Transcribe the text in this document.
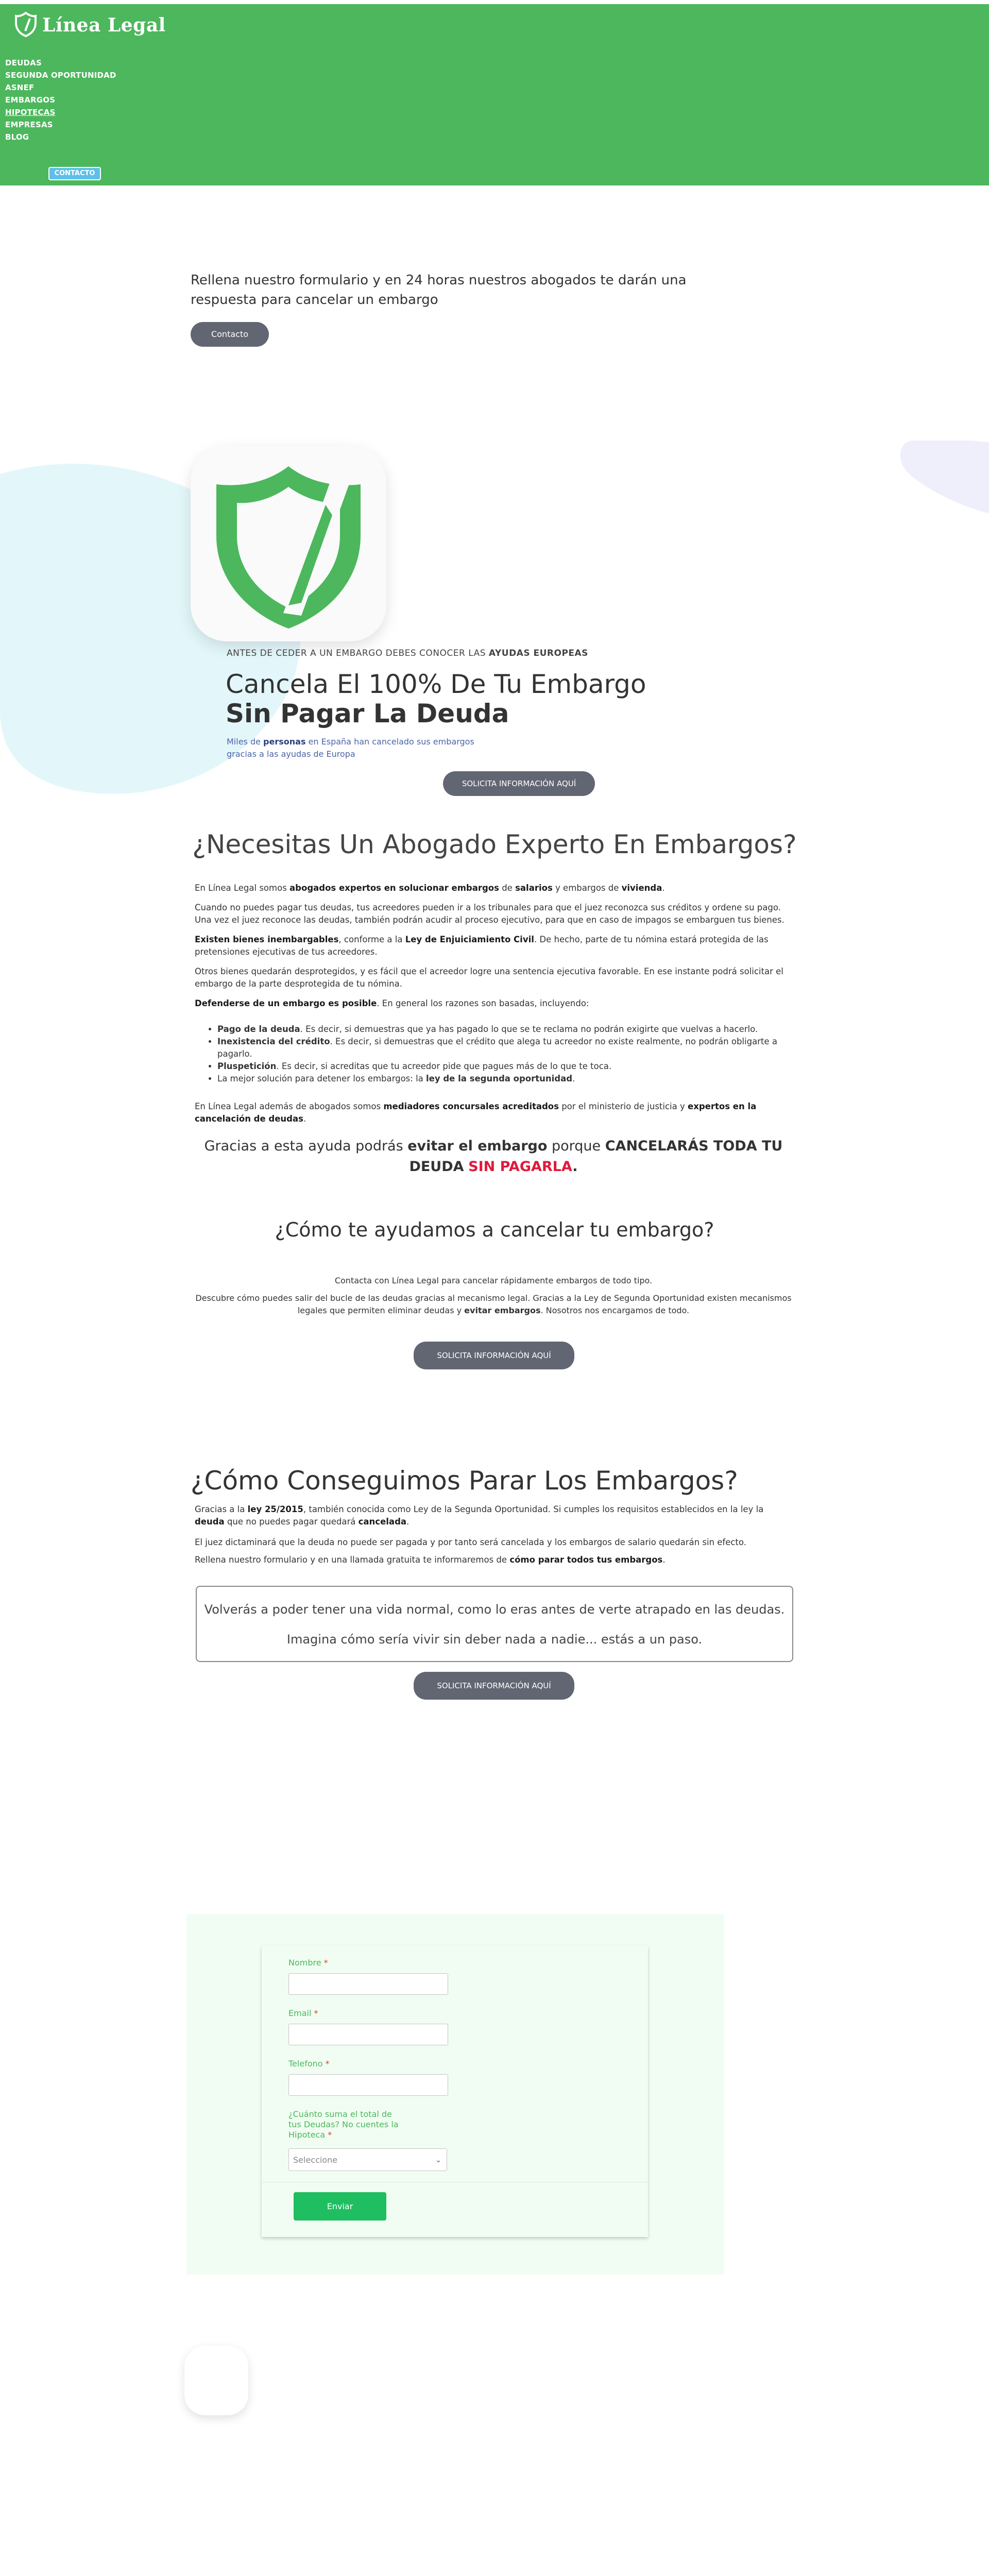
Línea Legal
DEUDAS
SEGUNDA OPORTUNIDAD
ASNEF
EMBARGOS
HIPOTECAS
EMPRESAS
BLOG
CONTACTO
Rellena nuestro formulario y en 24 horas nuestros abogados te darán una respuesta para cancelar un embargo
Contacto
ANTES DE CEDER A UN EMBARGO DEBES CONOCER LAS AYUDAS EUROPEAS
Cancela El 100% De Tu Embargo
Sin Pagar La Deuda
Miles de personas en España han cancelado sus embargos gracias a las ayudas de Europa
SOLICITA INFORMACIÓN AQUÍ
¿Necesitas Un Abogado Experto En Embargos?

En Línea Legal somos abogados expertos en solucionar embargos de salarios y embargos de vivienda.

Cuando no puedes pagar tus deudas, tus acreedores pueden ir a los tribunales para que el juez reconozca sus créditos y ordene su pago. Una vez el juez reconoce las deudas, también podrán acudir al proceso ejecutivo, para que en caso de impagos se embarguen tus bienes.

Existen bienes inembargables, conforme a la Ley de Enjuiciamiento Civil. De hecho, parte de tu nómina estará protegida de las pretensiones ejecutivas de tus acreedores.

Otros bienes quedarán desprotegidos, y es fácil que el acreedor logre una sentencia ejecutiva favorable. En ese instante podrá solicitar el embargo de la parte desprotegida de tu nómina.

Defenderse de un embargo es posible. En general los razones son basadas, incluyendo:

• Pago de la deuda. Es decir, si demuestras que ya has pagado lo que se te reclama no podrán exigirte que vuelvas a hacerlo.
• Inexistencia del crédito. Es decir, si demuestras que el crédito que alega tu acreedor no existe realmente, no podrán obligarte a pagarlo.
• Pluspetición. Es decir, si acreditas que tu acreedor pide que pagues más de lo que te toca.
• La mejor solución para detener los embargos: la ley de la segunda oportunidad.

En Línea Legal además de abogados somos mediadores concursales acreditados por el ministerio de justicia y expertos en la cancelación de deudas.

Gracias a esta ayuda podrás evitar el embargo porque CANCELARÁS TODA TU DEUDA SIN PAGARLA.
¿Cómo te ayudamos a cancelar tu embargo?
Contacta con Línea Legal para cancelar rápidamente embargos de todo tipo.
Descubre cómo puedes salir del bucle de las deudas gracias al mecanismo legal. Gracias a la Ley de Segunda Oportunidad existen mecanismos legales que permiten eliminar deudas y evitar embargos. Nosotros nos encargamos de todo.
SOLICITA INFORMACIÓN AQUÍ
¿Cómo Conseguimos Parar Los Embargos?

Gracias a la ley 25/2015, también conocida como Ley de la Segunda Oportunidad. Si cumples los requisitos establecidos en la ley la deuda que no puedes pagar quedará cancelada.

El juez dictaminará que la deuda no puede ser pagada y por tanto será cancelada y los embargos de salario quedarán sin efecto.

Rellena nuestro formulario y en una llamada gratuita te informaremos de cómo parar todos tus embargos.

Volverás a poder tener una vida normal, como lo eras antes de verte atrapado en las deudas.
Imagina cómo sería vivir sin deber nada a nadie... estás a un paso.
SOLICITA INFORMACIÓN AQUÍ
Nombre *
Email *
Telefono *
¿Cuánto suma el total de
tus Deudas? No cuentes la
Hipoteca *
Seleccione	⌄
Enviar
